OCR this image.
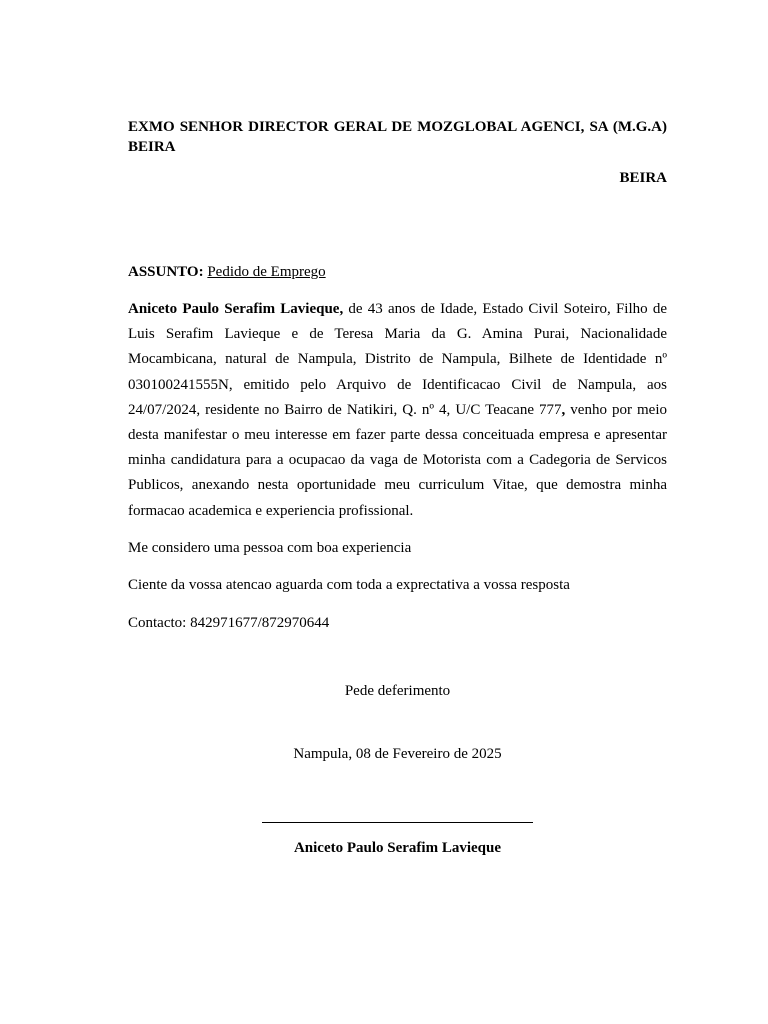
EXMO SENHOR DIRECTOR GERAL DE MOZGLOBAL AGENCI, SA (M.G.A) BEIRA
BEIRA
ASSUNTO: Pedido de Emprego
Aniceto Paulo Serafim Lavieque, de 43 anos de Idade, Estado Civil Soteiro, Filho de Luis Serafim Lavieque e de Teresa Maria da G. Amina Purai, Nacionalidade Mocambicana, natural de Nampula, Distrito de Nampula, Bilhete de Identidade nº 030100241555N, emitido pelo Arquivo de Identificacao Civil de Nampula, aos 24/07/2024, residente no Bairro de Natikiri, Q. nº 4, U/C Teacane 777, venho por meio desta manifestar o meu interesse em fazer parte dessa conceituada empresa e apresentar minha candidatura para a ocupacao da vaga de Motorista com a Cadegoria de Servicos Publicos, anexando nesta oportunidade meu curriculum Vitae, que demostra minha formacao academica e experiencia profissional.
Me considero uma pessoa com boa experiencia
Ciente da vossa atencao aguarda com toda a exprectativa a vossa resposta
Contacto: 842971677/872970644
Pede deferimento
Nampula, 08 de Fevereiro de 2025
Aniceto Paulo Serafim Lavieque
